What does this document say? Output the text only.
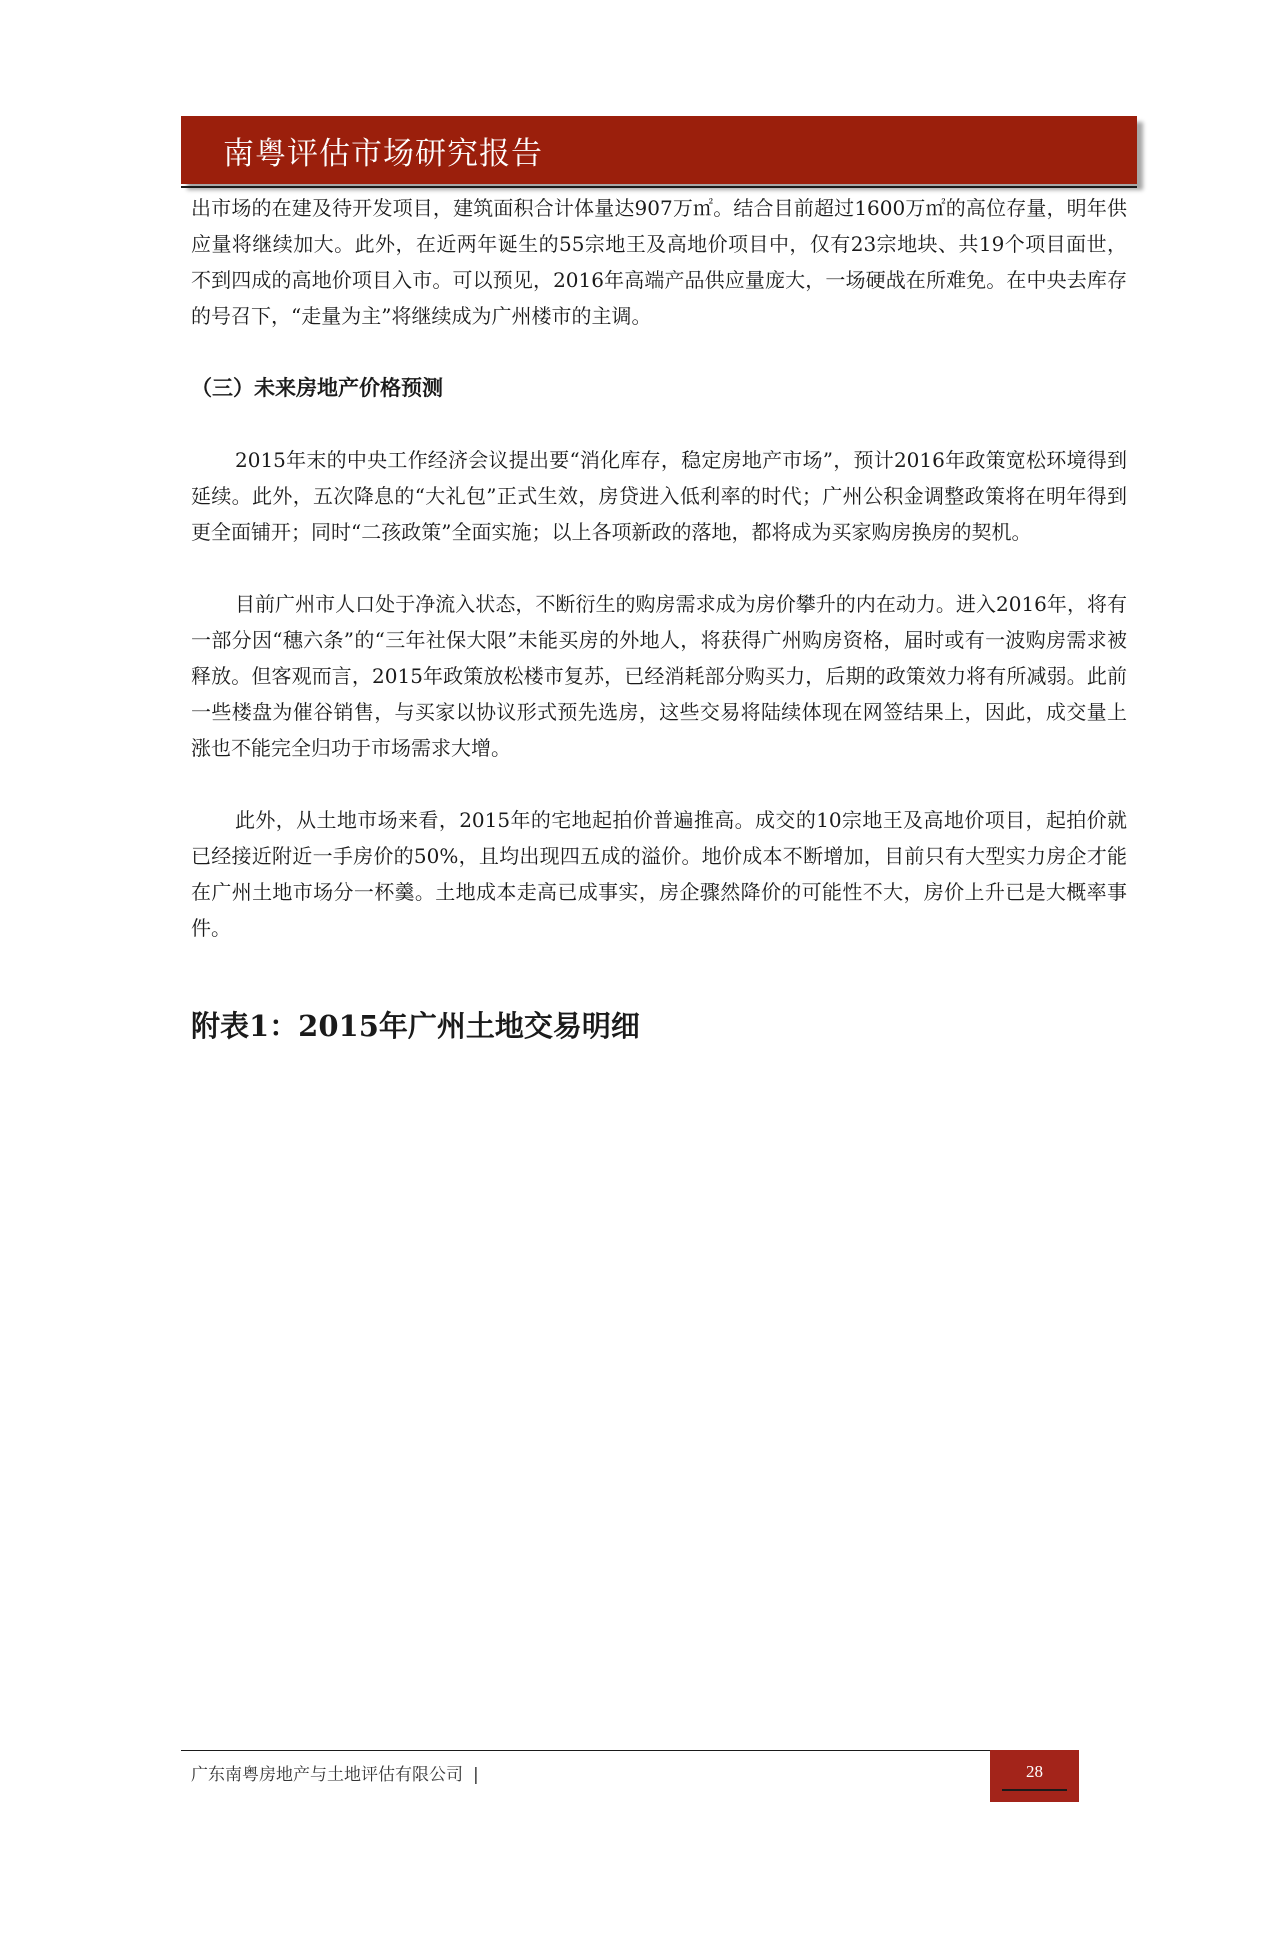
南粤评估市场研究报告

出市场的在建及待开发项目，建筑面积合计体量达907万㎡。结合目前超过1600万㎡的高位存量，明年供应量将继续加大。此外，在近两年诞生的55宗地王及高地价项目中，仅有23宗地块、共19个项目面世，不到四成的高地价项目入市。可以预见，2016年高端产品供应量庞大，一场硬战在所难免。在中央去库存的号召下，“走量为主”将继续成为广州楼市的主调。

（三）未来房地产价格预测

2015年末的中央工作经济会议提出要“消化库存，稳定房地产市场”，预计2016年政策宽松环境得到延续。此外，五次降息的“大礼包”正式生效，房贷进入低利率的时代；广州公积金调整政策将在明年得到更全面铺开；同时“二孩政策”全面实施；以上各项新政的落地，都将成为买家购房换房的契机。

目前广州市人口处于净流入状态，不断衍生的购房需求成为房价攀升的内在动力。进入2016年，将有一部分因“穗六条”的“三年社保大限”未能买房的外地人，将获得广州购房资格，届时或有一波购房需求被释放。但客观而言，2015年政策放松楼市复苏，已经消耗部分购买力，后期的政策效力将有所减弱。此前一些楼盘为催谷销售，与买家以协议形式预先选房，这些交易将陆续体现在网签结果上，因此，成交量上涨也不能完全归功于市场需求大增。

此外，从土地市场来看，2015年的宅地起拍价普遍推高。成交的10宗地王及高地价项目，起拍价就已经接近附近一手房价的50%，且均出现四五成的溢价。地价成本不断增加，目前只有大型实力房企才能在广州土地市场分一杯羹。土地成本走高已成事实，房企骤然降价的可能性不大，房价上升已是大概率事件。

附表1：2015年广州土地交易明细
广东南粤房地产与土地评估有限公司 |	28
